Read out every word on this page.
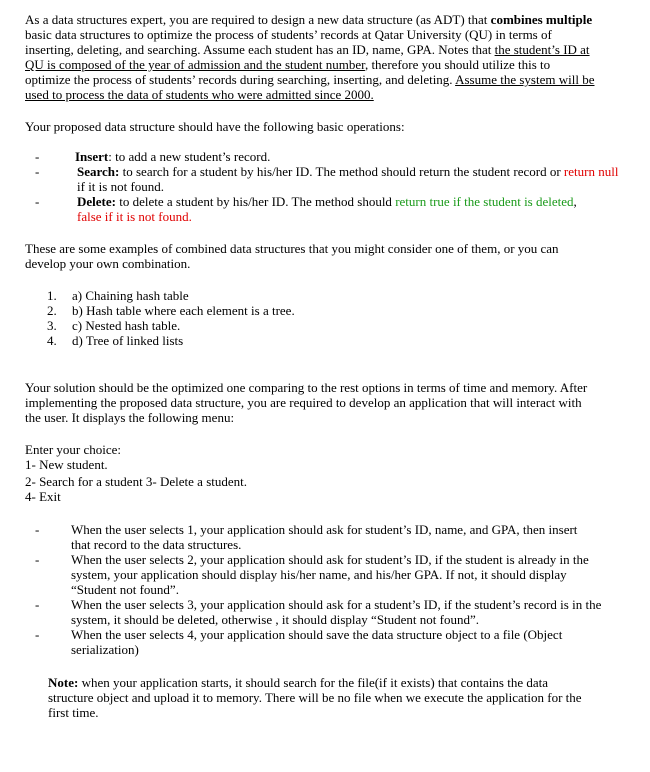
As a data structures expert, you are required to design a new data structure (as ADT) that combines multiple basic data structures to optimize the process of students’ records at Qatar University (QU) in terms of inserting, deleting, and searching. Assume each student has an ID, name, GPA. Notes that the student’s ID at QU is composed of the year of admission and the student number, therefore you should utilize this to optimize the process of students’ records during searching, inserting, and deleting. Assume the system will be used to process the data of students who were admitted since 2000.

Your proposed data structure should have the following basic operations:

-	Insert: to add a new student’s record.
-	Search: to search for a student by his/her ID. The method should return the student record or return null if it is not found.
-	Delete: to delete a student by his/her ID. The method should return true if the student is deleted, false if it is not found.

These are some examples of combined data structures that you might consider one of them, or you can develop your own combination.

1. a) Chaining hash table
2. b) Hash table where each element is a tree.
3. c) Nested hash table.
4. d) Tree of linked lists

Your solution should be the optimized one comparing to the rest options in terms of time and memory. After implementing the proposed data structure, you are required to develop an application that will interact with the user. It displays the following menu:

Enter your choice:

1- New student.

2- Search for a student 3- Delete a student.

4- Exit

- When the user selects 1, your application should ask for student’s ID, name, and GPA, then insert that record to the data structures.
- When the user selects 2, your application should ask for student’s ID, if the student is already in the system, your application should display his/her name, and his/her GPA. If not, it should display “Student not found”.
- When the user selects 3, your application should ask for a student’s ID, if the student’s record is in the system, it should be deleted, otherwise , it should display “Student not found”.
- When the user selects 4, your application should save the data structure object to a file (Object serialization)

Note: when your application starts, it should search for the file(if it exists) that contains the data structure object and upload it to memory. There will be no file when we execute the application for the first time.
